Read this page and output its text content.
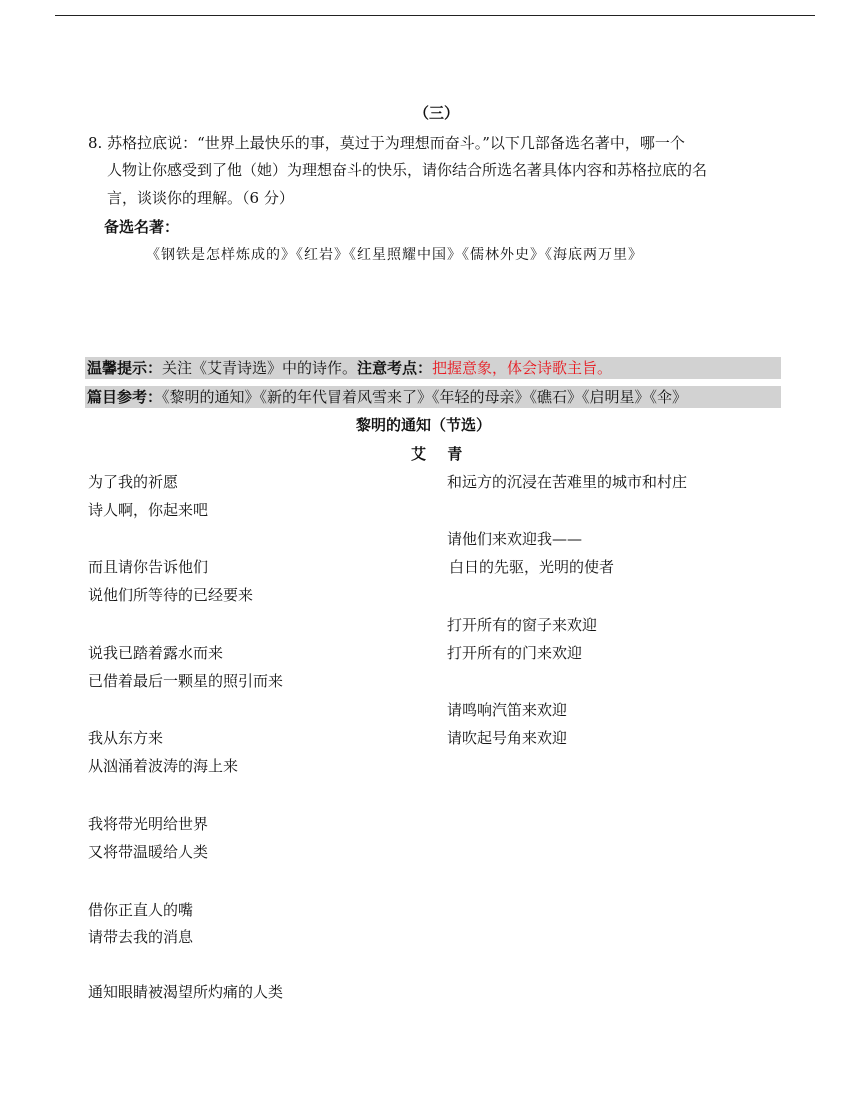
（三）
8. 苏格拉底说：“世界上最快乐的事，莫过于为理想而奋斗。”以下几部备选名著中，哪一个
人物让你感受到了他（她）为理想奋斗的快乐，请你结合所选名著具体内容和苏格拉底的名
言，谈谈你的理解。（6 分）
备选名著：
《钢铁是怎样炼成的》《红岩》《红星照耀中国》《儒林外史》《海底两万里》
温馨提示：关注《艾青诗选》中的诗作。注意考点：把握意象，体会诗歌主旨。
篇目参考：《黎明的通知》《新的年代冒着风雪来了》《年轻的母亲》《礁石》《启明星》《伞》
黎明的通知（节选）
艾 青
为了我的祈愿
诗人啊，你起来吧
而且请你告诉他们
说他们所等待的已经要来
说我已踏着露水而来
已借着最后一颗星的照引而来
我从东方来
从汹涌着波涛的海上来
我将带光明给世界
又将带温暖给人类
借你正直人的嘴
请带去我的消息
通知眼睛被渴望所灼痛的人类
和远方的沉浸在苦难里的城市和村庄
请他们来欢迎我——
白日的先驱，光明的使者
打开所有的窗子来欢迎
打开所有的门来欢迎
请鸣响汽笛来欢迎
请吹起号角来欢迎
